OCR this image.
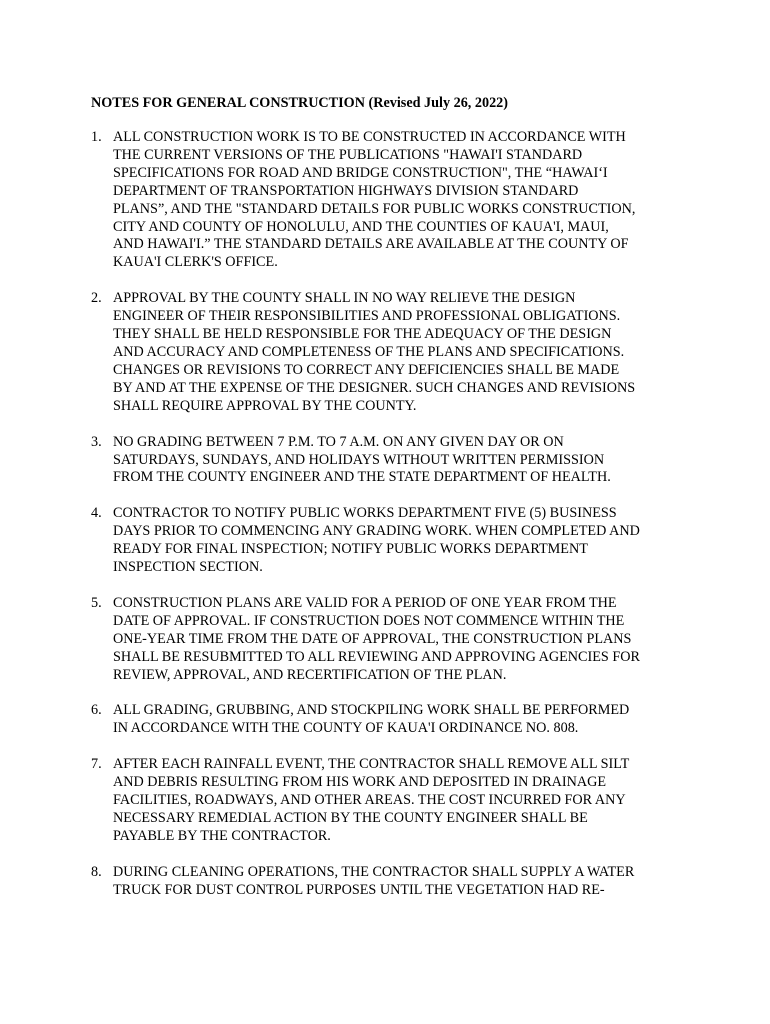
NOTES FOR GENERAL CONSTRUCTION (Revised July 26, 2022)
1. ALL CONSTRUCTION WORK IS TO BE CONSTRUCTED IN ACCORDANCE WITH
THE CURRENT VERSIONS OF THE PUBLICATIONS "HAWAI'I STANDARD
SPECIFICATIONS FOR ROAD AND BRIDGE CONSTRUCTION", THE “HAWAI‘I
DEPARTMENT OF TRANSPORTATION HIGHWAYS DIVISION STANDARD
PLANS”, AND THE "STANDARD DETAILS FOR PUBLIC WORKS CONSTRUCTION,
CITY AND COUNTY OF HONOLULU, AND THE COUNTIES OF KAUA'I, MAUI,
AND HAWAI'I.” THE STANDARD DETAILS ARE AVAILABLE AT THE COUNTY OF
KAUA'I CLERK'S OFFICE.
2. APPROVAL BY THE COUNTY SHALL IN NO WAY RELIEVE THE DESIGN
ENGINEER OF THEIR RESPONSIBILITIES AND PROFESSIONAL OBLIGATIONS.
THEY SHALL BE HELD RESPONSIBLE FOR THE ADEQUACY OF THE DESIGN
AND ACCURACY AND COMPLETENESS OF THE PLANS AND SPECIFICATIONS.
CHANGES OR REVISIONS TO CORRECT ANY DEFICIENCIES SHALL BE MADE
BY AND AT THE EXPENSE OF THE DESIGNER. SUCH CHANGES AND REVISIONS
SHALL REQUIRE APPROVAL BY THE COUNTY.
3. NO GRADING BETWEEN 7 P.M. TO 7 A.M. ON ANY GIVEN DAY OR ON
SATURDAYS, SUNDAYS, AND HOLIDAYS WITHOUT WRITTEN PERMISSION
FROM THE COUNTY ENGINEER AND THE STATE DEPARTMENT OF HEALTH.
4. CONTRACTOR TO NOTIFY PUBLIC WORKS DEPARTMENT FIVE (5) BUSINESS
DAYS PRIOR TO COMMENCING ANY GRADING WORK. WHEN COMPLETED AND
READY FOR FINAL INSPECTION; NOTIFY PUBLIC WORKS DEPARTMENT
INSPECTION SECTION.
5. CONSTRUCTION PLANS ARE VALID FOR A PERIOD OF ONE YEAR FROM THE
DATE OF APPROVAL. IF CONSTRUCTION DOES NOT COMMENCE WITHIN THE
ONE-YEAR TIME FROM THE DATE OF APPROVAL, THE CONSTRUCTION PLANS
SHALL BE RESUBMITTED TO ALL REVIEWING AND APPROVING AGENCIES FOR
REVIEW, APPROVAL, AND RECERTIFICATION OF THE PLAN.
6. ALL GRADING, GRUBBING, AND STOCKPILING WORK SHALL BE PERFORMED
IN ACCORDANCE WITH THE COUNTY OF KAUA'I ORDINANCE NO. 808.
7. AFTER EACH RAINFALL EVENT, THE CONTRACTOR SHALL REMOVE ALL SILT
AND DEBRIS RESULTING FROM HIS WORK AND DEPOSITED IN DRAINAGE
FACILITIES, ROADWAYS, AND OTHER AREAS. THE COST INCURRED FOR ANY
NECESSARY REMEDIAL ACTION BY THE COUNTY ENGINEER SHALL BE
PAYABLE BY THE CONTRACTOR.
8. DURING CLEANING OPERATIONS, THE CONTRACTOR SHALL SUPPLY A WATER
TRUCK FOR DUST CONTROL PURPOSES UNTIL THE VEGETATION HAD RE-
